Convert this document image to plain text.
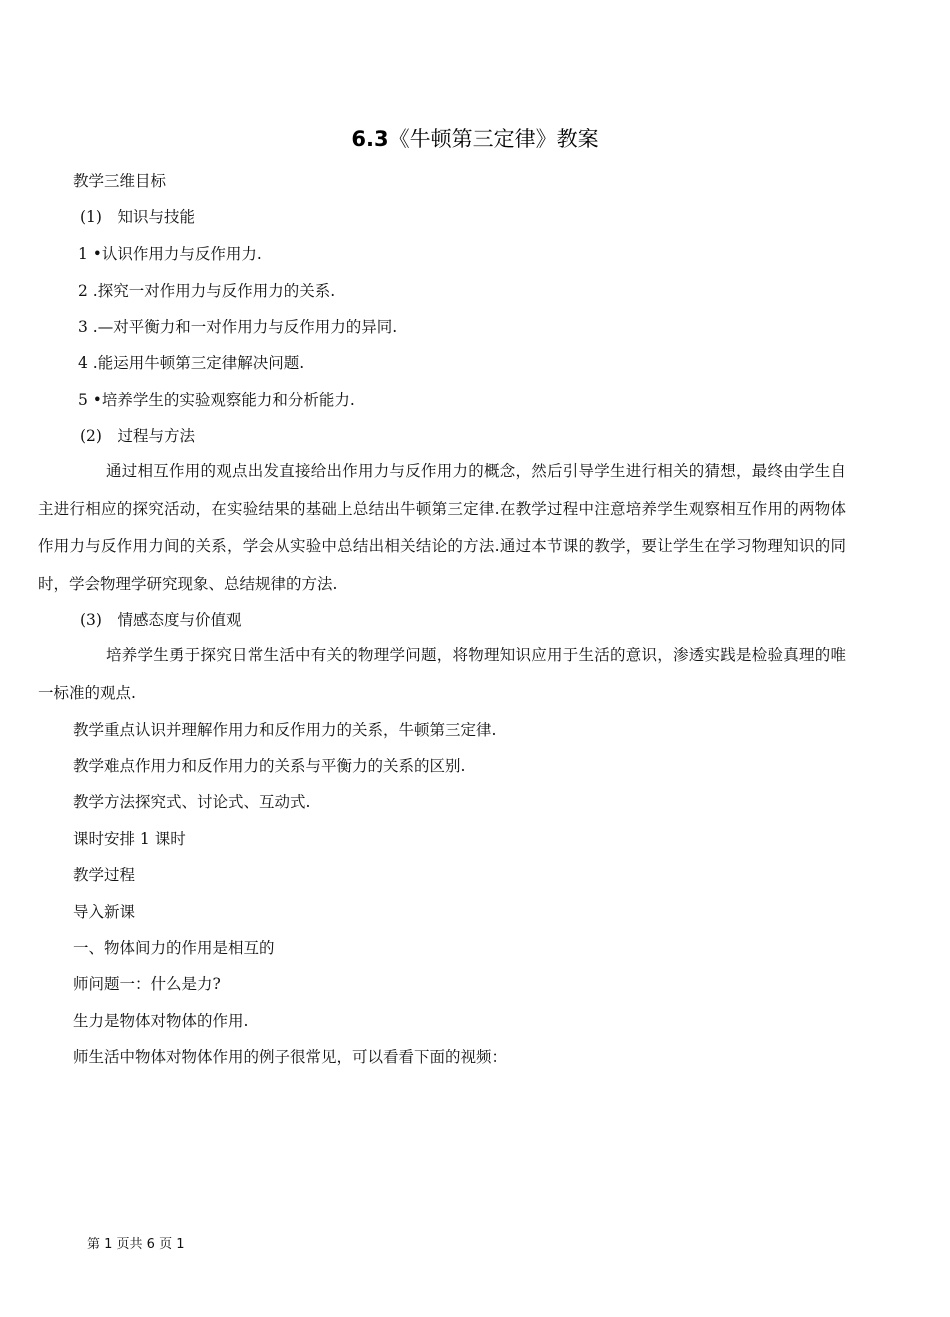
6.3《牛顿第三定律》教案
教学三维目标
(1)　知识与技能
1 •认识作用力与反作用力.
2 .探究一对作用力与反作用力的关系.
3 .—对平衡力和一对作用力与反作用力的异同.
4 .能运用牛顿第三定律解决问题.
5 •培养学生的实验观察能力和分析能力.
(2)　过程与方法
通过相互作用的观点出发直接给出作用力与反作用力的概念，然后引导学生进行相关的猜想，最终由学生自主进行相应的探究活动，在实验结果的基础上总结出牛顿第三定律.在教学过程中注意培养学生观察相互作用的两物体作用力与反作用力间的关系，学会从实验中总结出相关结论的方法.通过本节课的教学，要让学生在学习物理知识的同时，学会物理学研究现象、总结规律的方法.
(3)　情感态度与价值观
培养学生勇于探究日常生活中有关的物理学问题，将物理知识应用于生活的意识，渗透实践是检验真理的唯一标准的观点.
教学重点认识并理解作用力和反作用力的关系，牛顿第三定律.
教学难点作用力和反作用力的关系与平衡力的关系的区别.
教学方法探究式、讨论式、互动式.
课时安排 1 课时
教学过程
导入新课
一、物体间力的作用是相互的
师问题一：什么是力?
生力是物体对物体的作用.
师生活中物体对物体作用的例子很常见，可以看看下面的视频：
第 1 页共 6 页 1
